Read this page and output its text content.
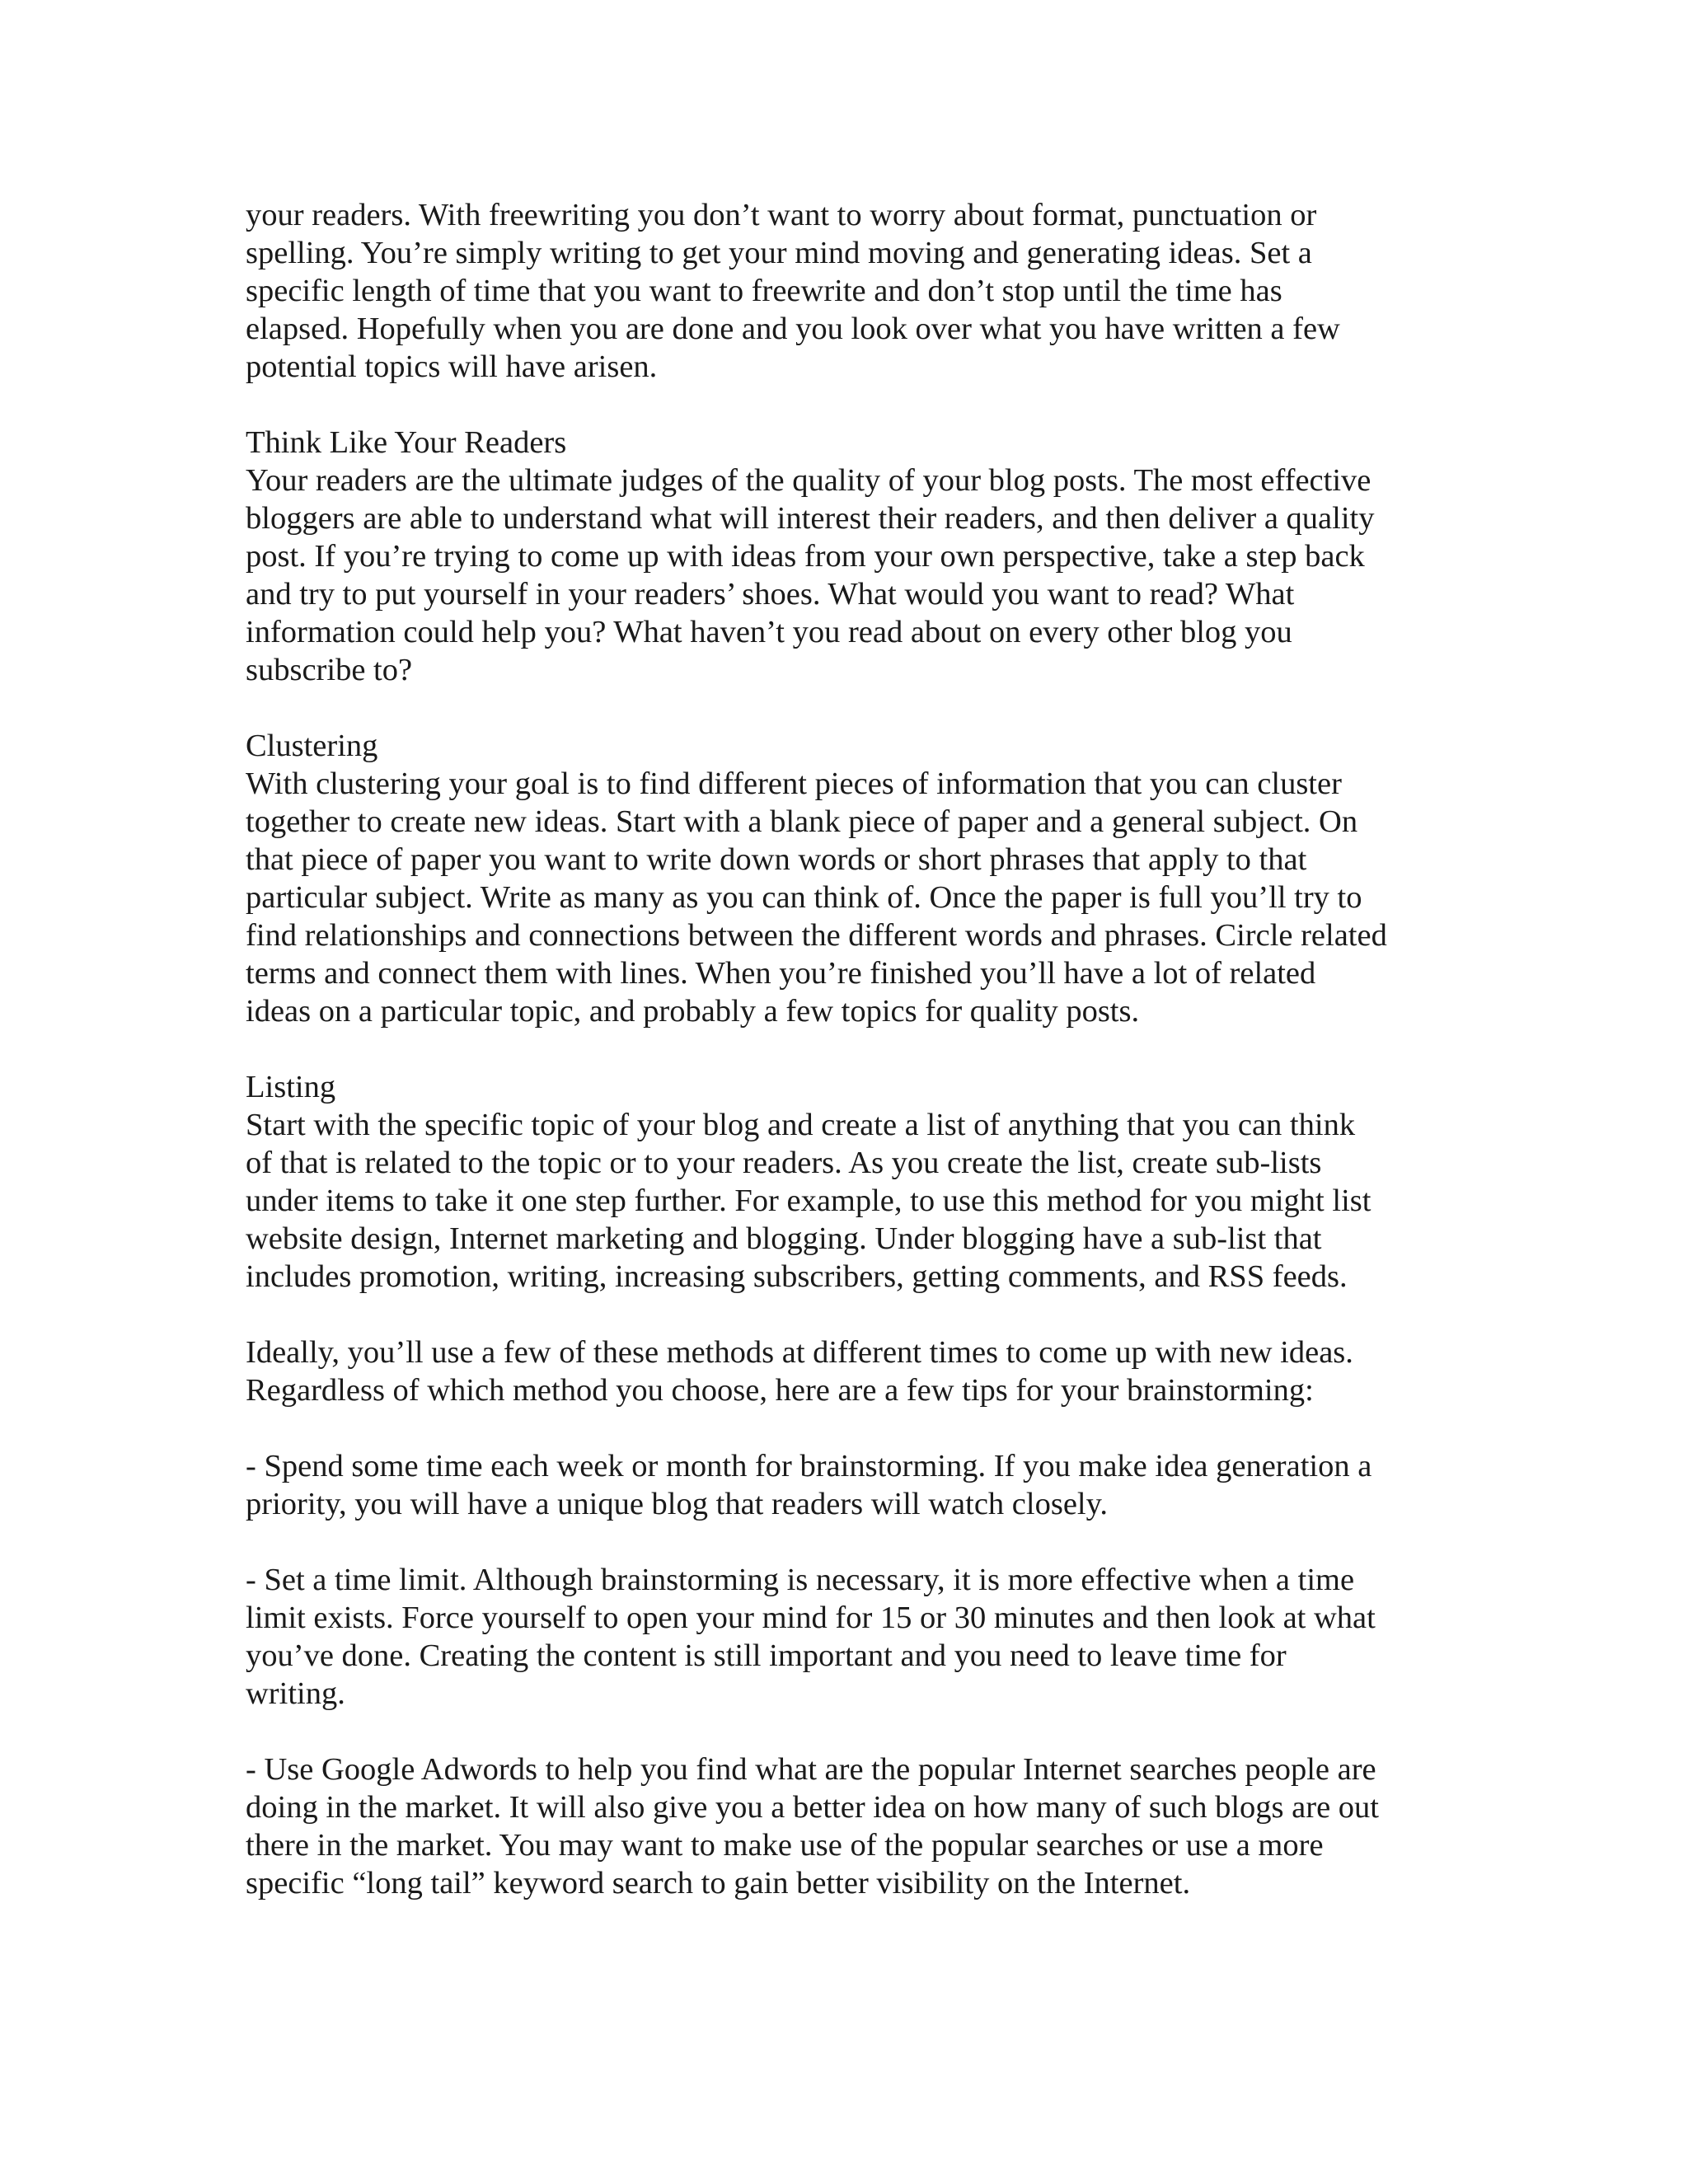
your readers. With freewriting you don’t want to worry about format, punctuation or
spelling. You’re simply writing to get your mind moving and generating ideas. Set a
specific length of time that you want to freewrite and don’t stop until the time has
elapsed. Hopefully when you are done and you look over what you have written a few
potential topics will have arisen.
Think Like Your Readers
Your readers are the ultimate judges of the quality of your blog posts. The most effective
bloggers are able to understand what will interest their readers, and then deliver a quality
post. If you’re trying to come up with ideas from your own perspective, take a step back
and try to put yourself in your readers’ shoes. What would you want to read? What
information could help you? What haven’t you read about on every other blog you
subscribe to?
Clustering
With clustering your goal is to find different pieces of information that you can cluster
together to create new ideas. Start with a blank piece of paper and a general subject. On
that piece of paper you want to write down words or short phrases that apply to that
particular subject. Write as many as you can think of. Once the paper is full you’ll try to
find relationships and connections between the different words and phrases. Circle related
terms and connect them with lines. When you’re finished you’ll have a lot of related
ideas on a particular topic, and probably a few topics for quality posts.
Listing
Start with the specific topic of your blog and create a list of anything that you can think
of that is related to the topic or to your readers. As you create the list, create sub-lists
under items to take it one step further. For example, to use this method for you might list
website design, Internet marketing and blogging. Under blogging have a sub-list that
includes promotion, writing, increasing subscribers, getting comments, and RSS feeds.
Ideally, you’ll use a few of these methods at different times to come up with new ideas.
Regardless of which method you choose, here are a few tips for your brainstorming:
- Spend some time each week or month for brainstorming. If you make idea generation a
priority, you will have a unique blog that readers will watch closely.
- Set a time limit. Although brainstorming is necessary, it is more effective when a time
limit exists. Force yourself to open your mind for 15 or 30 minutes and then look at what
you’ve done. Creating the content is still important and you need to leave time for
writing.
- Use Google Adwords to help you find what are the popular Internet searches people are
doing in the market. It will also give you a better idea on how many of such blogs are out
there in the market. You may want to make use of the popular searches or use a more
specific “long tail” keyword search to gain better visibility on the Internet.
